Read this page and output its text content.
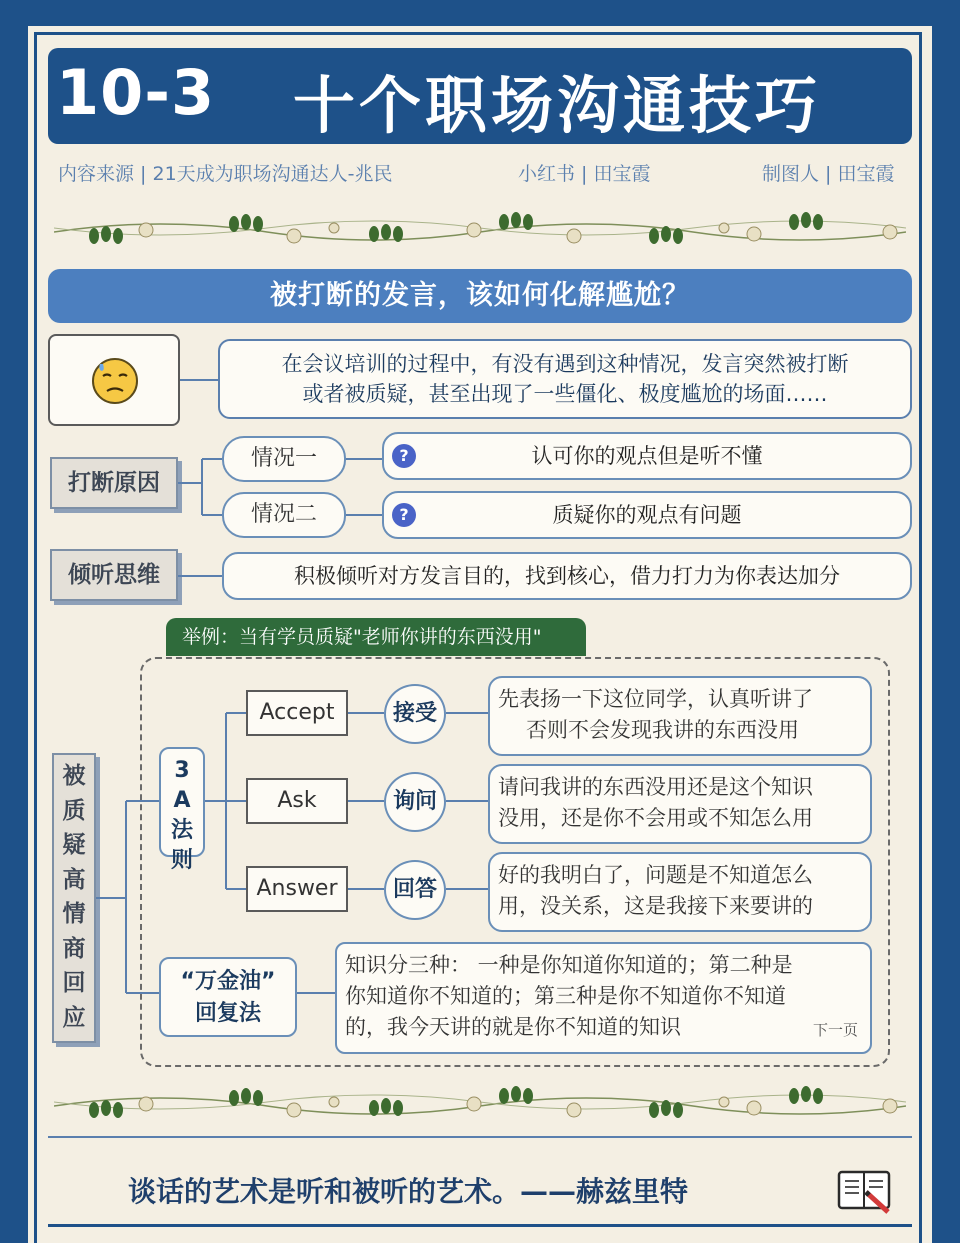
10-3 十个职场沟通技巧
内容来源 | 21天成为职场沟通达人-兆民	小红书 | 田宝霞	制图人 | 田宝霞
被打断的发言，该如何化解尴尬？
在会议培训的过程中，有没有遇到这种情况，发言突然被打断
或者被质疑，甚至出现了一些僵化、极度尴尬的场面……
打断原因
情况一
情况二
?	认可你的观点但是听不懂
?	质疑你的观点有问题
倾听思维	积极倾听对方发言目的，找到核心，借力打力为你表达加分
举例：当有学员质疑"老师你讲的东西没用"
被质疑高情商回应
3A法则
Accept
Ask
Answer
接受
询问
回答
先表扬一下这位同学，认真听讲了
否则不会发现我讲的东西没用
请问我讲的东西没用还是这个知识
没用，还是你不会用或不知怎么用
好的我明白了，问题是不知道怎么
用，没关系，这是我接下来要讲的
“万金油”
回复法
知识分三种： 一种是你知道你知道的；第二种是
你知道你不知道的；第三种是你不知道你不知道
的，我今天讲的就是你不知道的知识	下一页
谈话的艺术是听和被听的艺术。——赫兹里特
